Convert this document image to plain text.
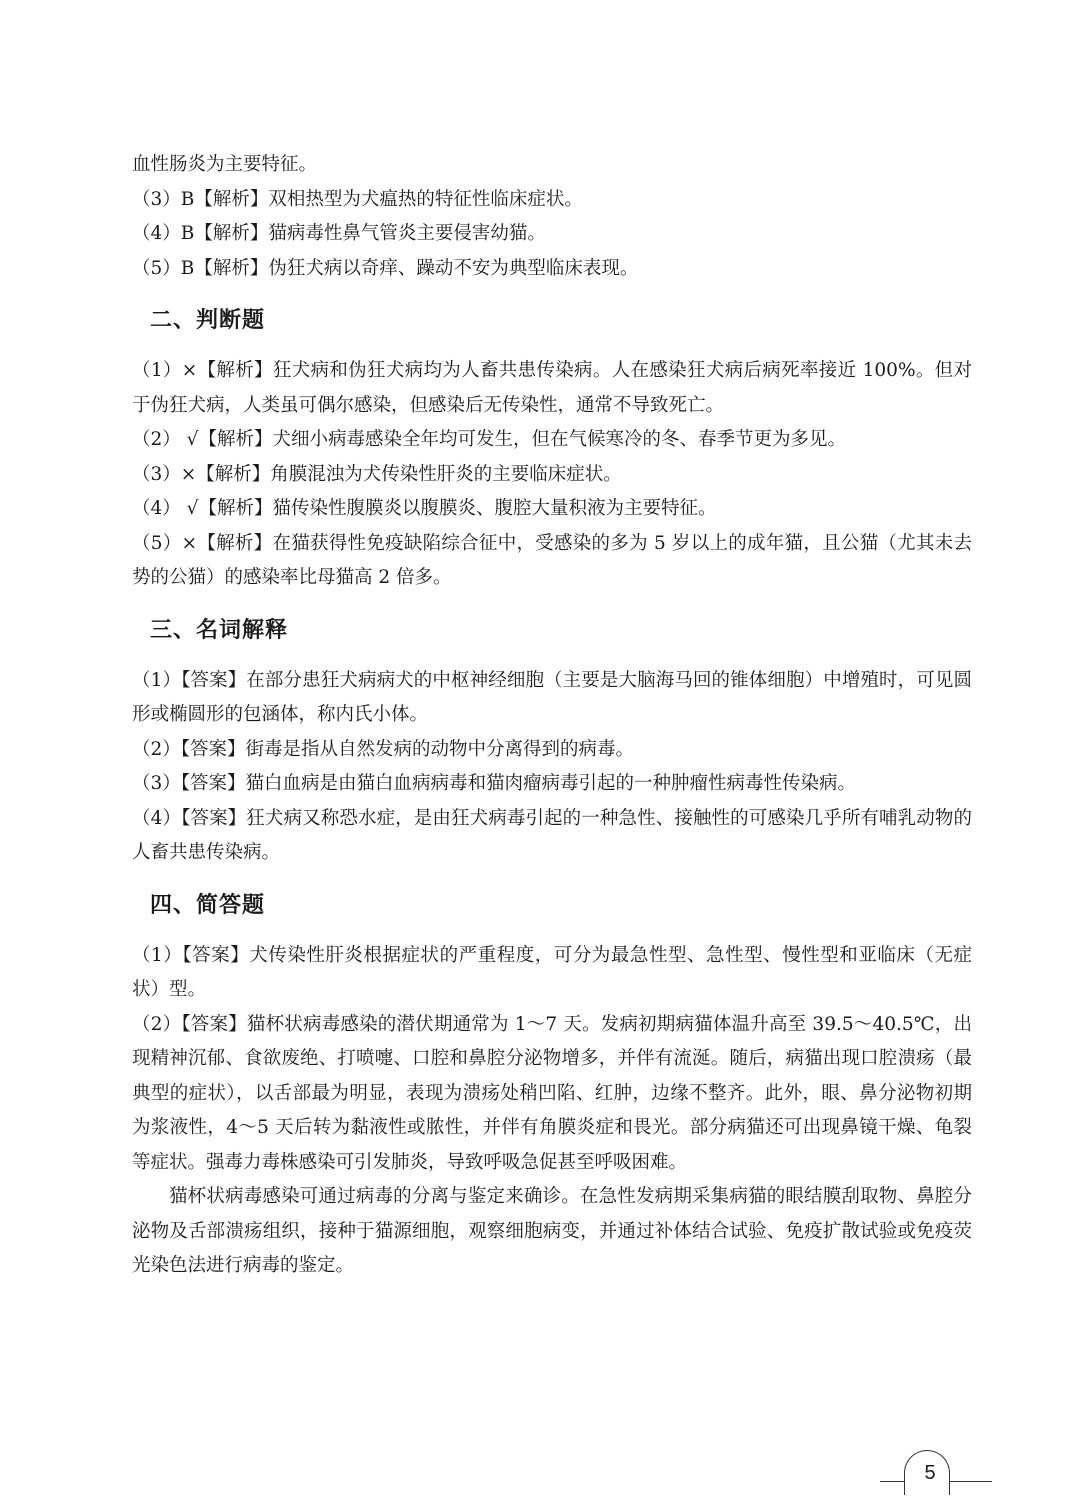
血性肠炎为主要特征。

（3）B【解析】双相热型为犬瘟热的特征性临床症状。

（4）B【解析】猫病毒性鼻气管炎主要侵害幼猫。

（5）B【解析】伪狂犬病以奇痒、躁动不安为典型临床表现。

二、判断题

（1）×【解析】狂犬病和伪狂犬病均为人畜共患传染病。人在感染狂犬病后病死率接近 100%。但对于伪狂犬病，人类虽可偶尔感染，但感染后无传染性，通常不导致死亡。

（2） √【解析】犬细小病毒感染全年均可发生，但在气候寒冷的冬、春季节更为多见。

（3）×【解析】角膜混浊为犬传染性肝炎的主要临床症状。

（4） √【解析】猫传染性腹膜炎以腹膜炎、腹腔大量积液为主要特征。

（5）×【解析】在猫获得性免疫缺陷综合征中，受感染的多为 5 岁以上的成年猫，且公猫（尤其未去势的公猫）的感染率比母猫高 2 倍多。

三、名词解释

（1）【答案】在部分患狂犬病病犬的中枢神经细胞（主要是大脑海马回的锥体细胞）中增殖时，可见圆形或椭圆形的包涵体，称内氏小体。

（2）【答案】街毒是指从自然发病的动物中分离得到的病毒。

（3）【答案】猫白血病是由猫白血病病毒和猫肉瘤病毒引起的一种肿瘤性病毒性传染病。

（4）【答案】狂犬病又称恐水症，是由狂犬病毒引起的一种急性、接触性的可感染几乎所有哺乳动物的人畜共患传染病。

四、简答题

（1）【答案】犬传染性肝炎根据症状的严重程度，可分为最急性型、急性型、慢性型和亚临床（无症状）型。

（2）【答案】猫杯状病毒感染的潜伏期通常为 1～7 天。发病初期病猫体温升高至 39.5～40.5℃，出现精神沉郁、食欲废绝、打喷嚏、口腔和鼻腔分泌物增多，并伴有流涎。随后，病猫出现口腔溃疡（最典型的症状），以舌部最为明显，表现为溃疡处稍凹陷、红肿，边缘不整齐。此外，眼、鼻分泌物初期为浆液性，4～5 天后转为黏液性或脓性，并伴有角膜炎症和畏光。部分病猫还可出现鼻镜干燥、龟裂等症状。强毒力毒株感染可引发肺炎，导致呼吸急促甚至呼吸困难。

猫杯状病毒感染可通过病毒的分离与鉴定来确诊。在急性发病期采集病猫的眼结膜刮取物、鼻腔分泌物及舌部溃疡组织，接种于猫源细胞，观察细胞病变，并通过补体结合试验、免疫扩散试验或免疫荧光染色法进行病毒的鉴定。

5
